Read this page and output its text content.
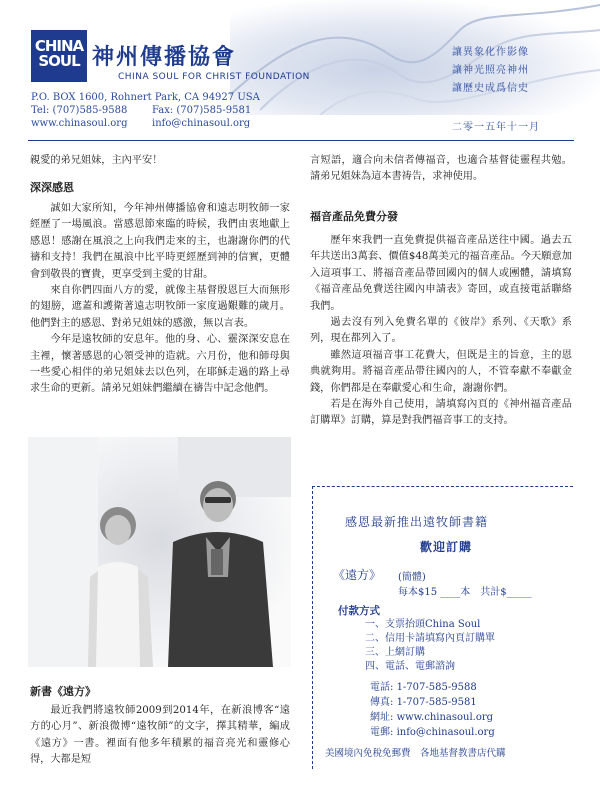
CHINA
SOUL 神州傳播協會
CHINA SOUL FOR CHRIST FOUNDATION
P.O. BOX 1600, Rohnert Park, CA 94927 USA
Tel: (707)585-9588 Fax: (707)585-9581
www.chinasoul.org info@chinasoul.org
讓異象化作影像
讓神光照亮神州
讓歷史成爲信史
二零一五年十一月
親愛的弟兄姐妹，主內平安！
深深感恩

誠如大家所知，今年神州傳播協會和遠志明牧師一家經歷了一場風浪。當感恩節來臨的時候，我們由衷地獻上感恩！感謝在風浪之上向我們走來的主，也謝謝你們的代禱和支持！我們在風浪中比平時更經歷到神的信實，更體會到敬畏的寶貴，更享受到主愛的甘甜。

來自你們四面八方的愛，就像主基督殷恩巨大而無形的翅膀，遮蓋和護衛著遠志明牧師一家度過艱難的歲月。他們對主的感恩、對弟兄姐妹的感激，無以言表。

今年是遠牧師的安息年。他的身、心、靈深深安息在主裡，懷著感恩的心領受神的造就。六月份，他和師母與一些愛心相伴的弟兄姐妹去以色列，在耶穌走過的路上尋求生命的更新。請弟兄姐妹們繼續在禱告中記念他們。

新書《遠方》

最近我們將遠牧師2009到2014年，在新浪博客“遠方的心月”、新浪微博“遠牧師”的文字，擇其精華，編成《遠方》一書。裡面有他多年積累的福音亮光和靈修心得，大都是短

言短語，適合向未信者傳福音，也適合基督徒靈程共勉。請弟兄姐妹為這本書祷告，求神使用。

福音產品免費分發

歷年來我們一直免費提供福音產品送往中國。過去五年共送出3萬套、價值$48萬美元的福音產品。今天願意加入這項事工、將福音產品帶回國內的個人或團體，請填寫《福音產品免費送往國內申請表》寄回，或直接電話聯絡我們。

過去沒有列入免費名單的《彼岸》系列、《天歌》系列，現在都列入了。

雖然這項福音事工花費大，但既是主的旨意，主的恩典就夠用。將福音產品帶往國內的人，不管奉獻不奉獻金錢，你們都是在奉獻愛心和生命，謝謝你們。

若是在海外自己使用，請填寫內頁的《神州福音產品訂購單》訂購，算是對我們福音事工的支持。

感恩最新推出遠牧師書籍
歡迎訂購
《遠方》 (簡體)
每本$15 ____本　共計$_____
付款方式
一、支票抬頭China Soul
二、信用卡請填寫內頁訂購單
三、上網訂購
四、電話、電郵諮詢
電話: 1-707-585-9588
傳真: 1-707-585-9581
網址: www.chinasoul.org
電郵: info@chinasoul.org
美國境內免稅免郵費　各地基督教書店代購
